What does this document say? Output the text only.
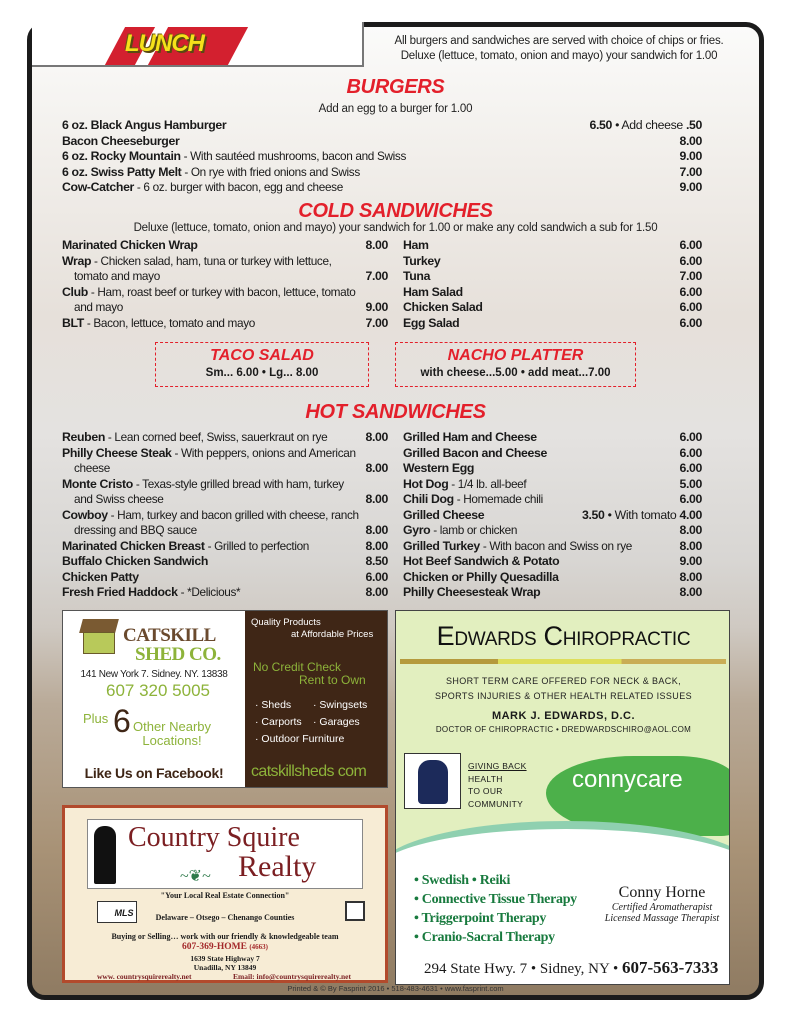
LUNCH	All burgers and sandwiches are served with choice of chips or fries.
Deluxe (lettuce, tomato, onion and mayo) your sandwich for 1.00
BURGERS
Add an egg to a burger for 1.00
6 oz. Black Angus Hamburger	6.50 • Add cheese .50
Bacon Cheeseburger	8.00
6 oz. Rocky Mountain - With sautéed mushrooms, bacon and Swiss	9.00
6 oz. Swiss Patty Melt - On rye with fried onions and Swiss	7.00
Cow-Catcher - 6 oz. burger with bacon, egg and cheese	9.00
COLD SANDWICHES
Deluxe (lettuce, tomato, onion and mayo) your sandwich for 1.00 or make any cold sandwich a sub for 1.50
Marinated Chicken Wrap	8.00
Wrap - Chicken salad, ham, tuna or turkey with lettuce, tomato and mayo	7.00
Club - Ham, roast beef or turkey with bacon, lettuce, tomato and mayo	9.00
BLT - Bacon, lettuce, tomato and mayo	7.00
Ham	6.00
Turkey	6.00
Tuna	7.00
Ham Salad	6.00
Chicken Salad	6.00
Egg Salad	6.00
TACO SALAD
Sm... 6.00 • Lg... 8.00
NACHO PLATTER
with cheese...5.00 • add meat...7.00
HOT SANDWICHES
Reuben - Lean corned beef, Swiss, sauerkraut on rye	8.00
Philly Cheese Steak - With peppers, onions and American cheese	8.00
Monte Cristo - Texas-style grilled bread with ham, turkey and Swiss cheese	8.00
Cowboy - Ham, turkey and bacon grilled with cheese, ranch dressing and BBQ sauce	8.00
Marinated Chicken Breast - Grilled to perfection	8.00
Buffalo Chicken Sandwich	8.50
Chicken Patty	6.00
Fresh Fried Haddock - *Delicious*	8.00
Grilled Ham and Cheese	6.00
Grilled Bacon and Cheese	6.00
Western Egg	6.00
Hot Dog - 1/4 lb. all-beef	5.00
Chili Dog - Homemade chili	6.00
Grilled Cheese	3.50 • With tomato 4.00
Gyro - lamb or chicken	8.00
Grilled Turkey - With bacon and Swiss on rye	8.00
Hot Beef Sandwich & Potato	9.00
Chicken or Philly Quesadilla	8.00
Philly Cheesesteak Wrap	8.00
CATSKILL
SHED CO.
141 New York 7. Sidney. NY. 13838
607 320 5005
Plus 6 Other Nearby
Locations!
Like Us on Facebook!
Quality Products
at Affordable Prices
No Credit Check
Rent to Own
· Sheds	· Swingsets
· Carports	· Garages
· Outdoor Furniture
catskillsheds com
Country Squire
Realty
~❦~
MLS
"Your Local Real Estate Connection"
Delaware – Otsego – Chenango Counties
Buying or Selling… work with our friendly & knowledgeable team
607-369-HOME (4663)
1639 State Highway 7
Unadilla, NY 13849
www. countrysquirerealty.net	Email: info@countrysquirerealty.net
Edwards Chiropractic
SHORT TERM CARE OFFERED FOR NECK & BACK,
SPORTS INJURIES & OTHER HEALTH RELATED ISSUES
MARK J. EDWARDS, D.C.
DOCTOR OF CHIROPRACTIC • DREDWARDSCHIRO@AOL.COM
GIVING BACK
HEALTH
TO OUR
COMMUNITY
connycare
• Swedish • Reiki
• Connective Tissue Therapy
• Triggerpoint Therapy
• Cranio-Sacral Therapy
Conny Horne
Certified Aromatherapist
Licensed Massage Therapist
294 State Hwy. 7 • Sidney, NY • 607-563-7333
Printed & © By Fasprint 2016 • 518-483-4631 • www.fasprint.com
